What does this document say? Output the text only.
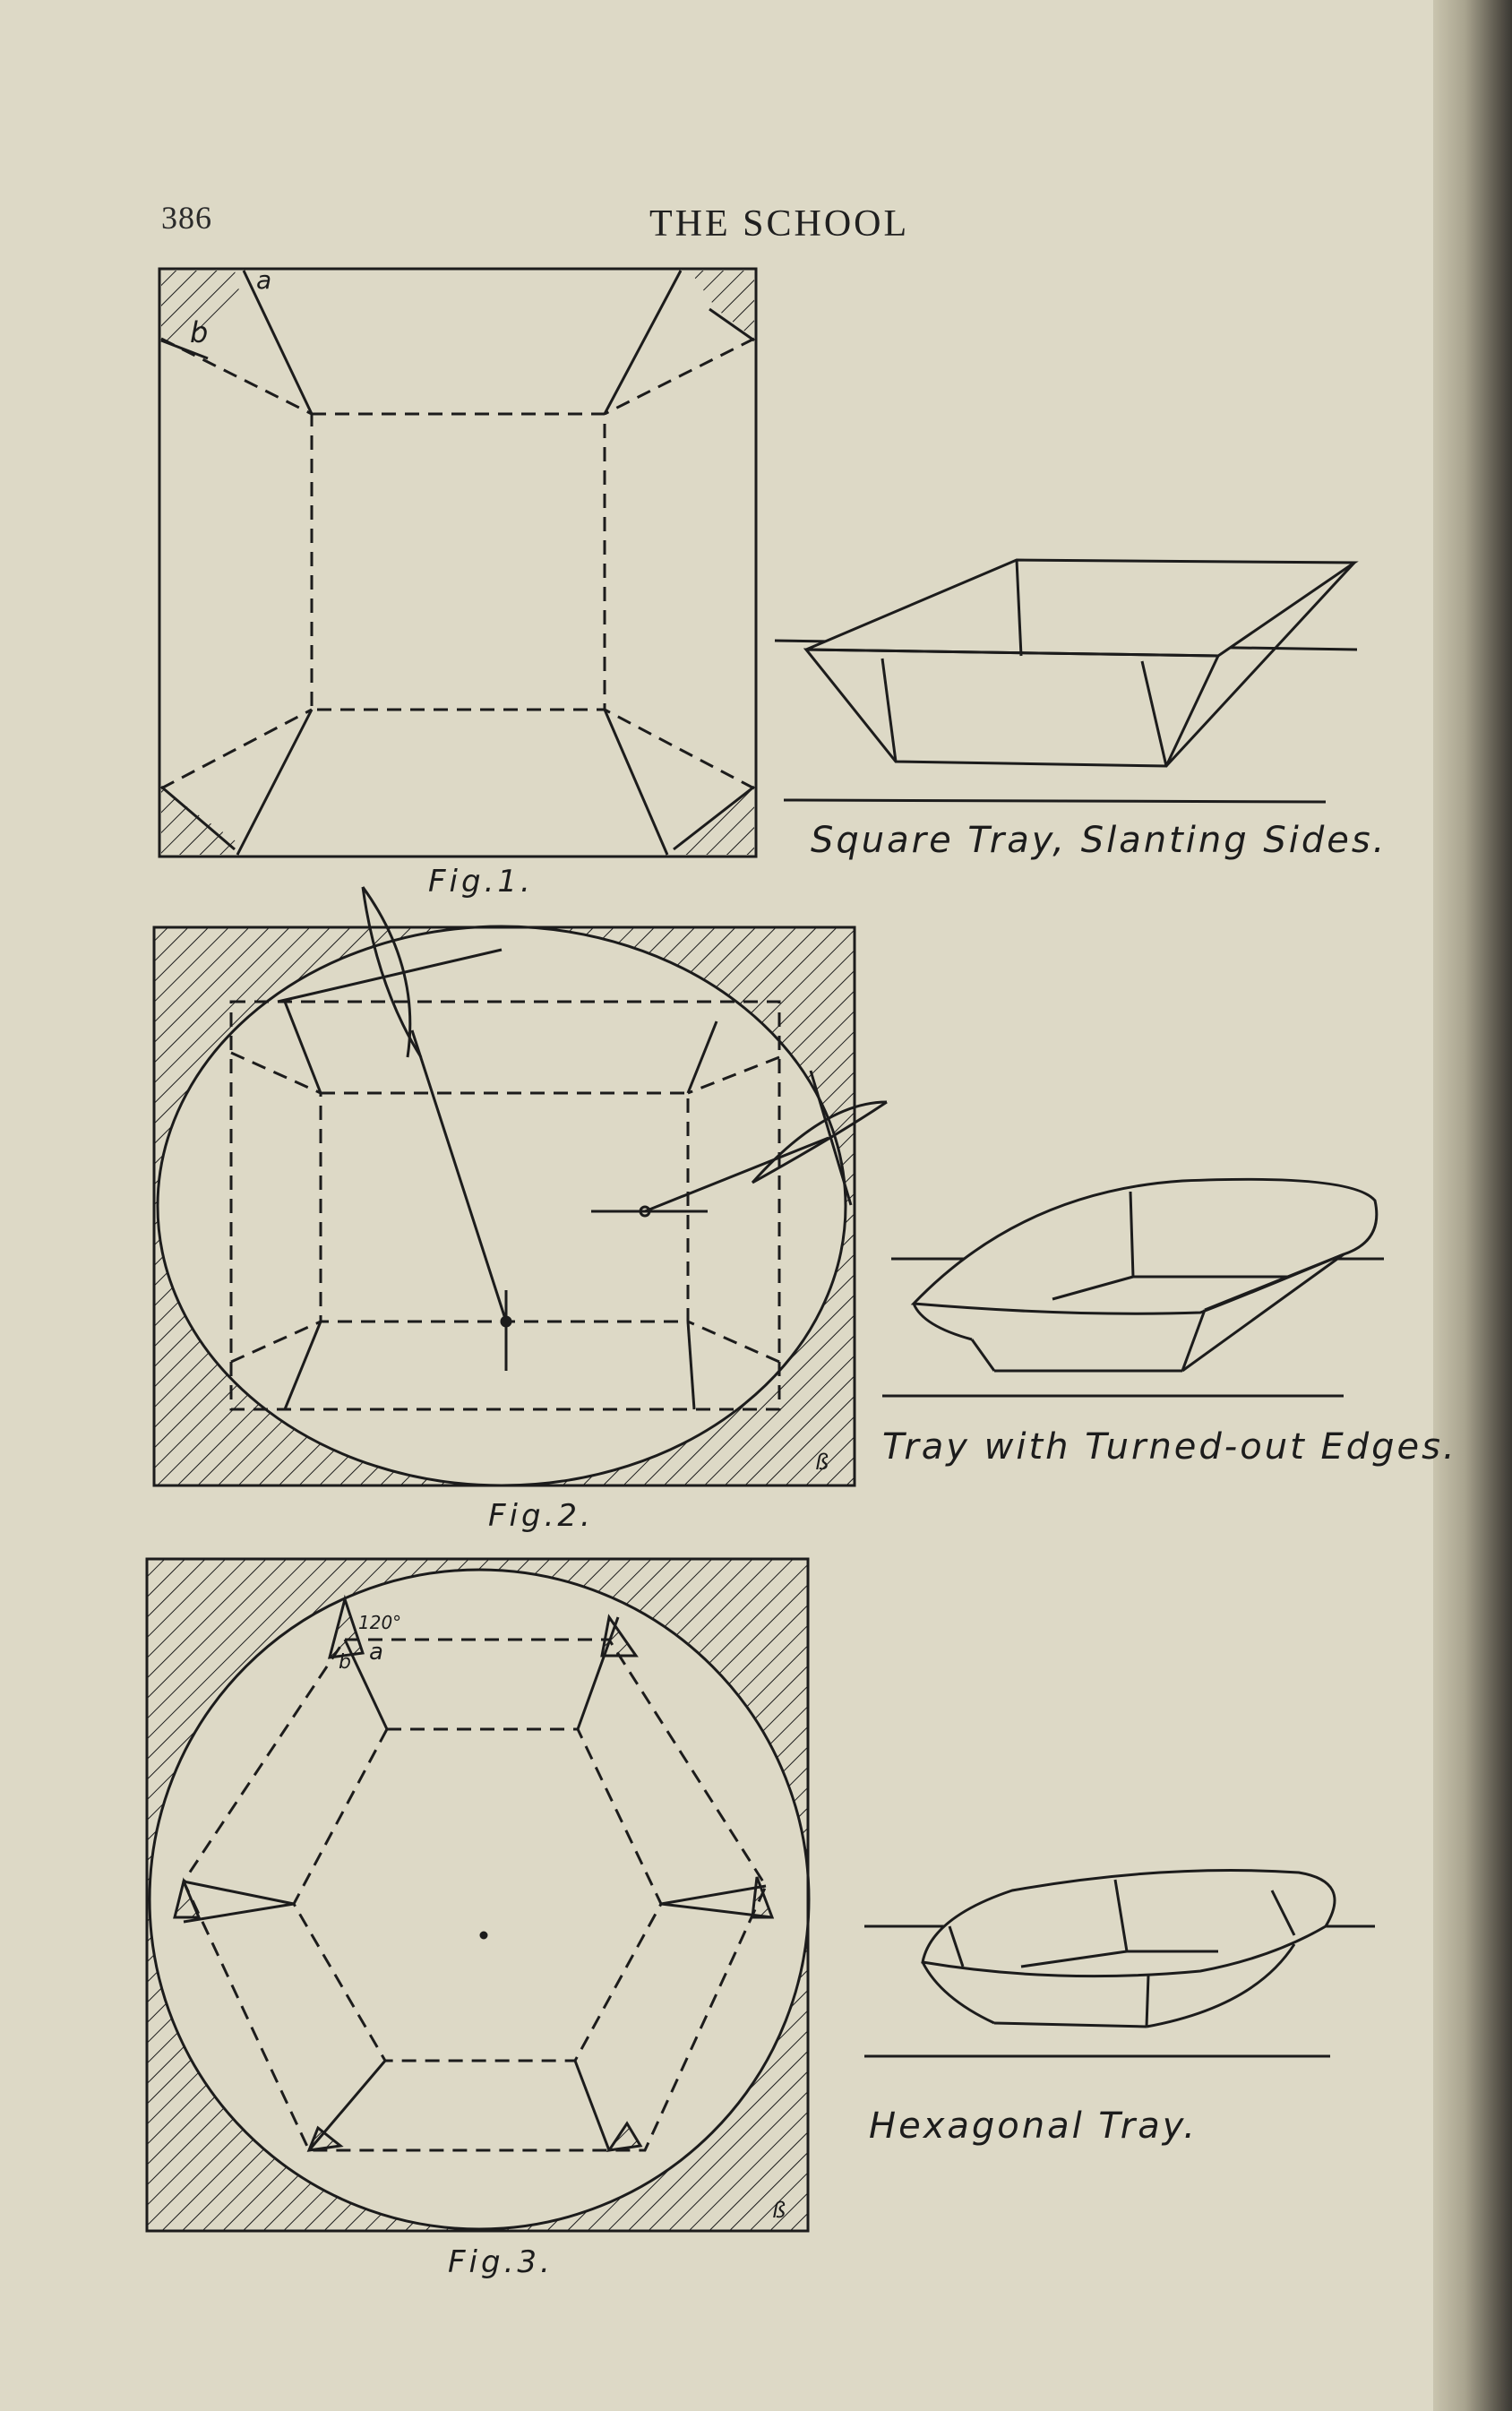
386	THE SCHOOL
a
b
ß
120°
a
b
ß
Fig.1.
Square Tray, Slanting Sides.
Fig.2.
Tray with Turned-out Edges.
Fig.3.
Hexagonal Tray.
